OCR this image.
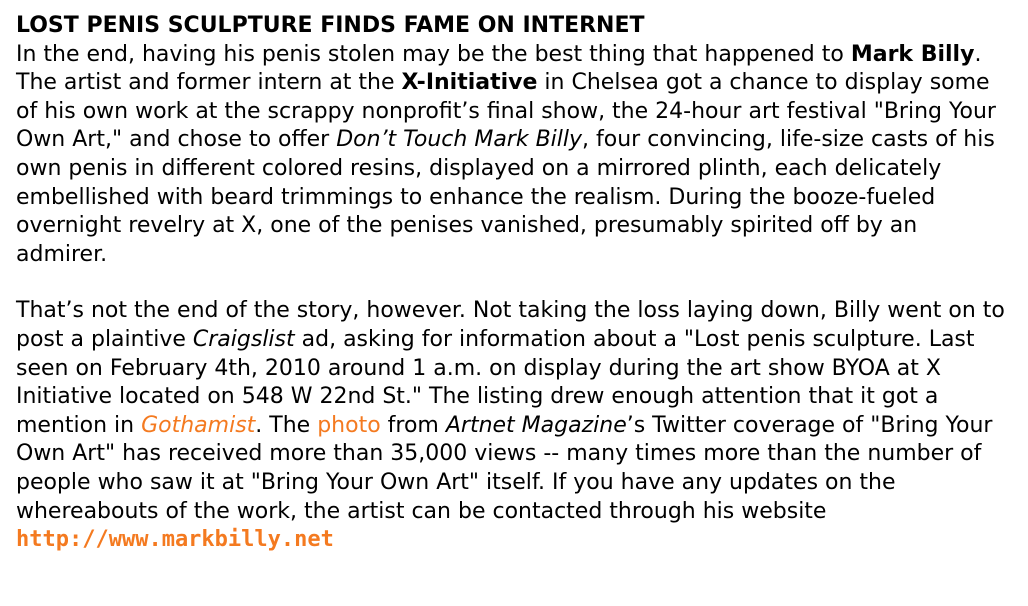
LOST PENIS SCULPTURE FINDS FAME ON INTERNET

In the end, having his penis stolen may be the best thing that happened to Mark Billy. The artist and former intern at the X-Initiative in Chelsea got a chance to display some of his own work at the scrappy nonprofit’s final show, the 24-hour art festival "Bring Your Own Art," and chose to offer Don’t Touch Mark Billy, four convincing, life-size casts of his own penis in different colored resins, displayed on a mirrored plinth, each delicately embellished with beard trimmings to enhance the realism. During the booze-fueled overnight revelry at X, one of the penises vanished, presumably spirited off by an admirer.

That’s not the end of the story, however. Not taking the loss laying down, Billy went on to post a plaintive Craigslist ad, asking for information about a "Lost penis sculpture. Last seen on February 4th, 2010 around 1 a.m. on display during the art show BYOA at X Initiative located on 548 W 22nd St." The listing drew enough attention that it got a mention in Gothamist. The photo from Artnet Magazine’s Twitter coverage of "Bring Your Own Art" has received more than 35,000 views -- many times more than the number of people who saw it at "Bring Your Own Art" itself. If you have any updates on the whereabouts of the work, the artist can be contacted through his website
http://www.markbilly.net
